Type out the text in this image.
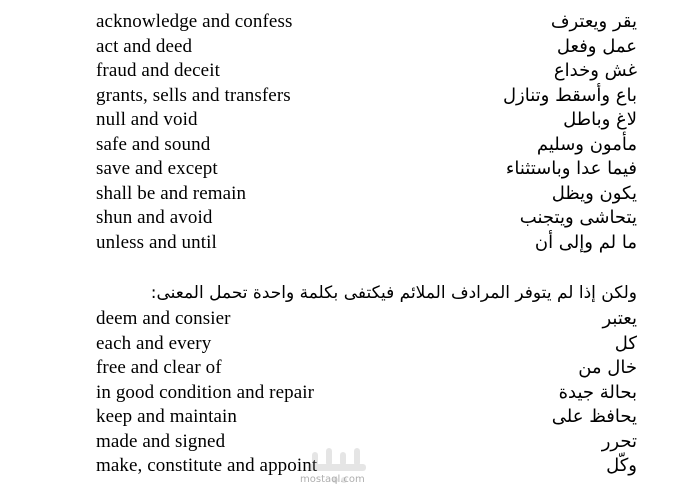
acknowledge and confess	يقر ويعترف
act and deed	عمل وفعل
fraud and deceit	غش وخداع
grants, sells and transfers	باع وأسقط وتنازل
null and void	لاغ وباطل
safe and sound	مأمون وسليم
save and except	فيما عدا وباستثناء
shall be and remain	يكون ويظل
shun and avoid	يتحاشى ويتجنب
unless and until	ما لم وإلى أن
ولكن إذا لم يتوفر المرادف الملائم فيكتفى بكلمة واحدة تحمل المعنى:
deem and consier	يعتبر
each and every	كل
free and clear of	خال من
in good condition and repair	بحالة جيدة
keep and maintain	يحافظ على
made and signed	تحرر
make, constitute and appoint	وكّل
mostaql.com
